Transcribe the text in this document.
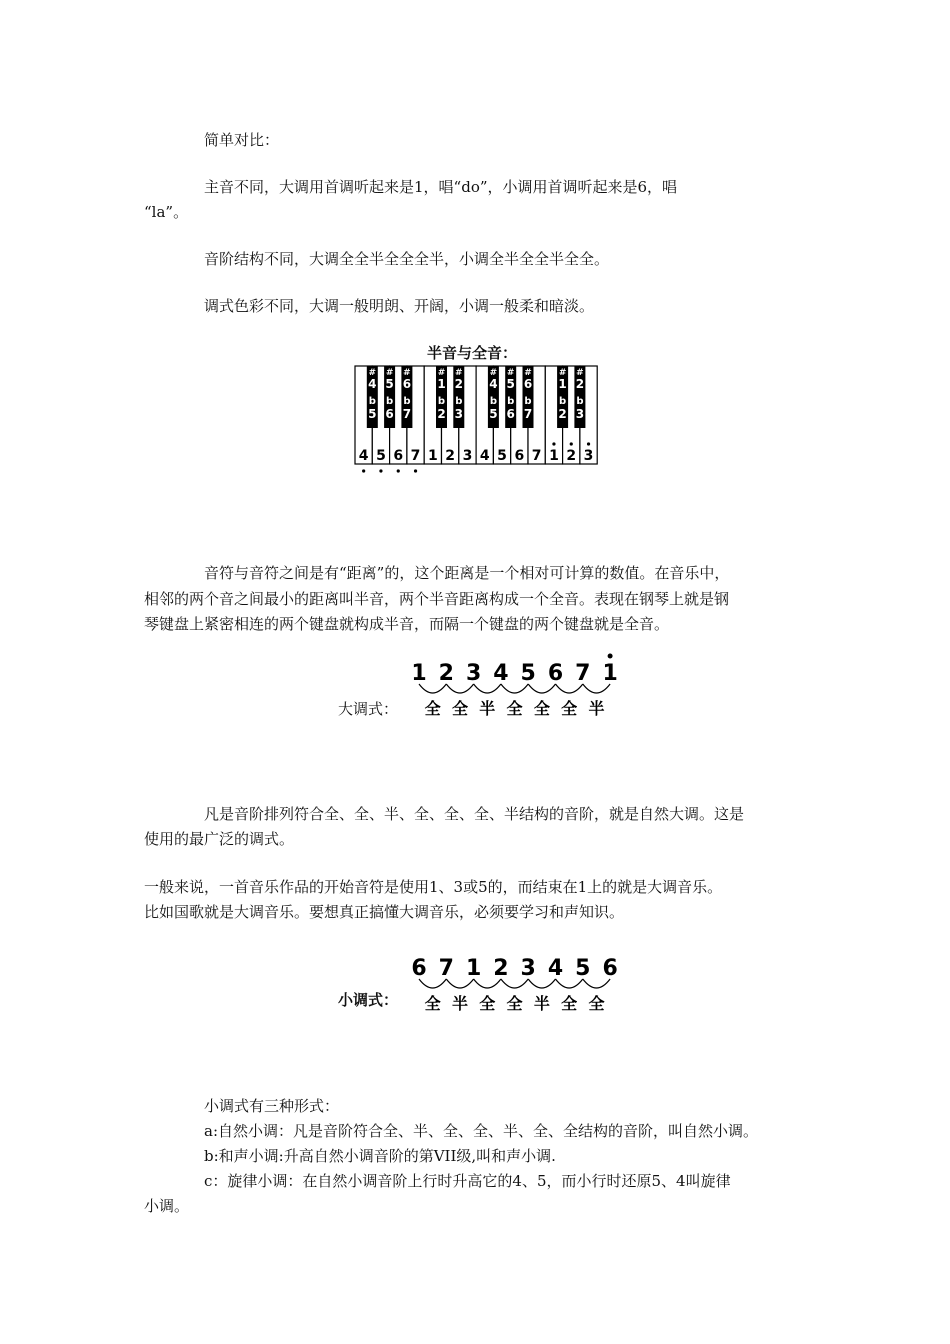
简单对比：
主音不同，大调用首调听起来是1，唱“do”，小调用首调听起来是6，唱
“la”。
音阶结构不同，大调全全半全全全半，小调全半全全半全全。
调式色彩不同，大调一般明朗、开阔，小调一般柔和暗淡。
半音与全音：
4 5 6 7 1 2 3 4 5 6 7 1 2 3
#
4
b
5
#
5
b
6
#
6
b
7
#
1
b
2
#
2
b
3
#
4
b
5
#
5
b
6
#
6
b
7
#
1
b
2
#
2
b
3
音符与音符之间是有“距离”的，这个距离是一个相对可计算的数值。在音乐中，
相邻的两个音之间最小的距离叫半音，两个半音距离构成一个全音。表现在钢琴上就是钢
琴键盘上紧密相连的两个键盘就构成半音，而隔一个键盘的两个键盘就是全音。
大调式：
1 2 3 4 5 6 7 1
全 全 半 全 全 全 半
凡是音阶排列符合全、全、半、全、全、全、半结构的音阶，就是自然大调。这是
使用的最广泛的调式。
一般来说，一首音乐作品的开始音符是使用1、3或5的，而结束在1上的就是大调音乐。
比如国歌就是大调音乐。要想真正搞懂大调音乐，必须要学习和声知识。
小调式：
6 7 1 2 3 4 5 6
全 半 全 全 半 全 全
小调式有三种形式：
a:自然小调：凡是音阶符合全、半、全、全、半、全、全结构的音阶，叫自然小调。
b:和声小调:升高自然小调音阶的第VII级,叫和声小调.
c：旋律小调：在自然小调音阶上行时升高它的4、5，而小行时还原5、4叫旋律
小调。
